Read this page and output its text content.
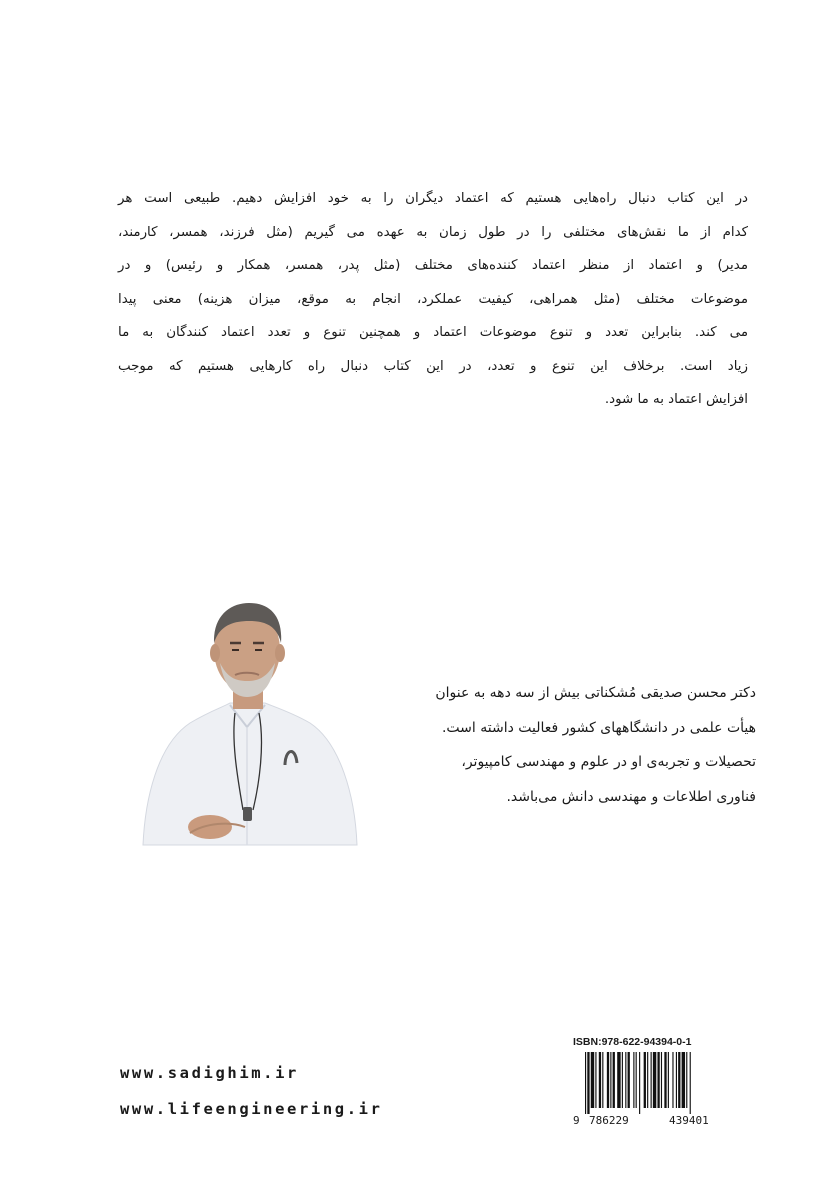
در این کتاب دنبال راه‌هایی هستیم که اعتماد دیگران را به خود افزایش دهیم. طبیعی است هر
کدام از ما نقش‌های مختلفی را در طول زمان به عهده می گیریم (مثل فرزند، همسر، کارمند،
مدیر) و اعتماد از منظر اعتماد کننده‌های مختلف (مثل پدر، همسر، همکار و رئیس) و در
موضوعات مختلف (مثل همراهی، کیفیت عملکرد، انجام به موقع، میزان هزینه) معنی پیدا
می کند. بنابراین تعدد و تنوع موضوعات اعتماد و همچنین تنوع و تعدد اعتماد کنندگان به ما
زیاد است. برخلاف این تنوع و تعدد، در این کتاب دنبال راه کارهایی هستیم که موجب
افزایش اعتماد به ما شود.
دکتر محسن صدیقی مُشکناتی بیش از سه دهه به عنوان
هیأت علمی در دانشگاههای کشور فعالیت داشته است.
تحصیلات و تجربه‌ی او در علوم و مهندسی کامپیوتر،
فناوری اطلاعات و مهندسی دانش می‌باشد.
www.sadighim.ir
www.lifeengineering.ir
ISBN:978-622-94394-0-1
9 786229	439401
